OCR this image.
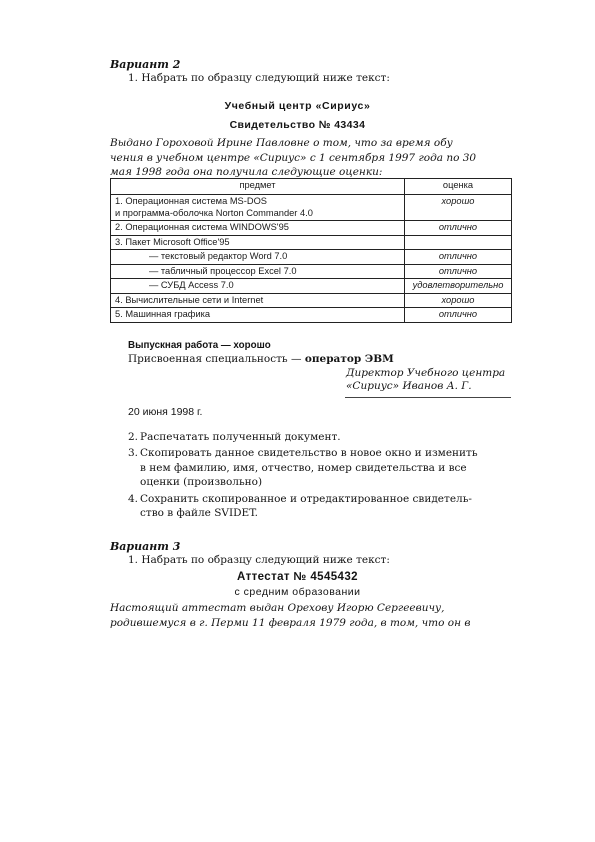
Вариант 2
1. Набрать по образцу следующий ниже текст:
Учебный центр «Сириус»
Свидетельство № 43434
Выдано Гороховой Ирине Павловне о том, что за время обу
чения в учебном центре «Сириус» с 1 сентября 1997 года по 30
мая 1998 года она получила следующие оценки:
предмет	оценка

1. Операционная система MS-DOS
и программа-оболочка Norton Commander 4.0	хорошо

2. Операционная система WINDOWS'95	отлично

3. Пакет Microsoft Office'95	

— текстовый редактор Word 7.0	отлично

— табличный процессор Excel 7.0	отлично

— СУБД Access 7.0	удовлетворительно

4. Вычислительные сети и Internet	хорошо

5. Машинная графика	отлично
Выпускная работа — хорошо
Присвоенная специальность — оператор ЭВМ
Директор Учебного центра
«Сириус» Иванов А. Г.
20 июня 1998 г.
2. Распечатать полученный документ.
3. Скопировать данное свидетельство в новое окно и изменить
в нем фамилию, имя, отчество, номер свидетельства и все
оценки (произвольно)
4. Сохранить скопированное и отредактированное свидетель-
ство в файле SVIDET.
Вариант 3
1. Набрать по образцу следующий ниже текст:
Аттестат № 4545432
с средним образовании
Настоящий аттестат выдан Орехову Игорю Сергеевичу,
родившемуся в г. Перми 11 февраля 1979 года, в том, что он в
